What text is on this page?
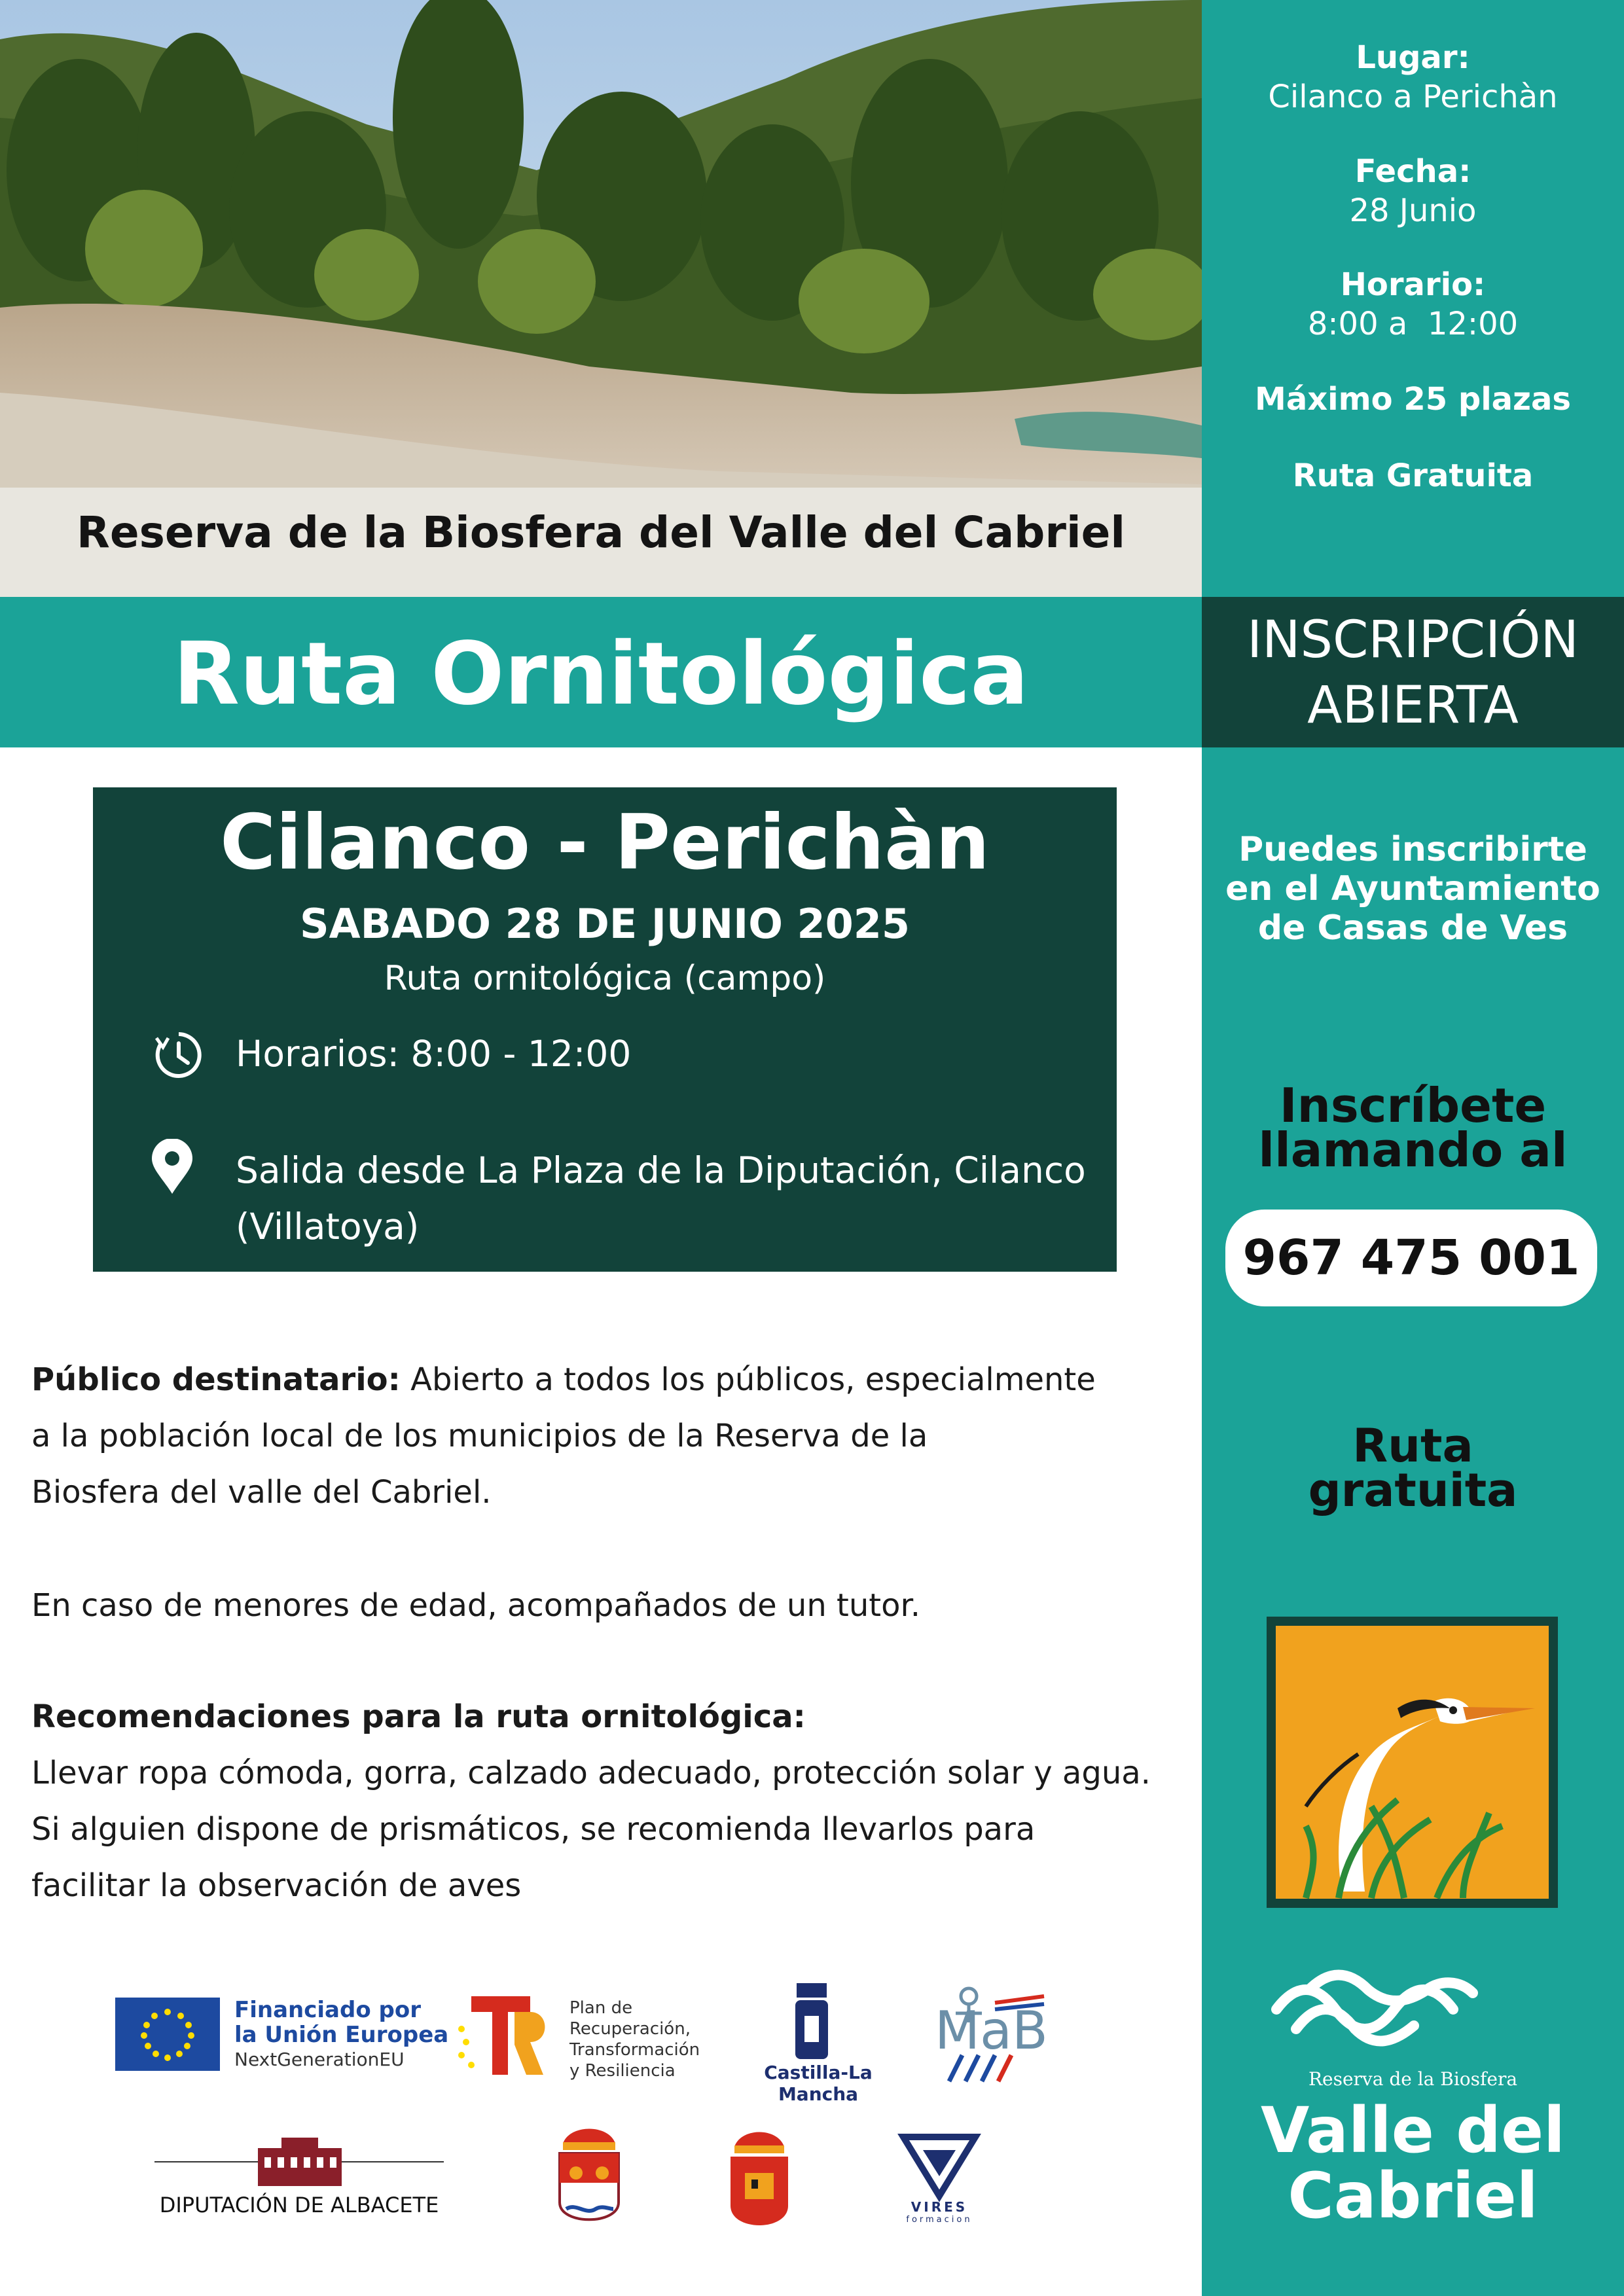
Reserva de la Biosfera del Valle del Cabriel
Ruta Ornitológica
Lugar:
Cilanco a Perichàn
Fecha:
28 Junio
Horario:
8:00 a  12:00
Máximo 25 plazas
Ruta Gratuita
INSCRIPCIÓN
ABIERTA
Puedes inscribirte
en el Ayuntamiento
de Casas de Ves
Inscríbete
llamando al
967 475 001
Ruta
gratuita
Reserva de la Biosfera
Valle del
Cabriel
Cilanco - Perichàn
SABADO 28 DE JUNIO 2025
Ruta ornitológica (campo)
Horarios: 8:00 - 12:00
Salida desde La Plaza de la Diputación, Cilanco
(Villatoya)
Público destinatario: Abierto a todos los públicos, especialmente
a la población local de los municipios de la Reserva de la
Biosfera del valle del Cabriel.
En caso de menores de edad, acompañados de un tutor.
Recomendaciones para la ruta ornitológica:
Llevar ropa cómoda, gorra, calzado adecuado, protección solar y agua.
Si alguien dispone de prismáticos, se recomienda llevarlos para
facilitar la observación de aves
Financiado por
la Unión Europea
NextGenerationEU
Plan de
Recuperación,
Transformación
y Resiliencia	Castilla-La Mancha
MaB
DIPUTACIÓN DE ALBACETE	VIRES
formacion
